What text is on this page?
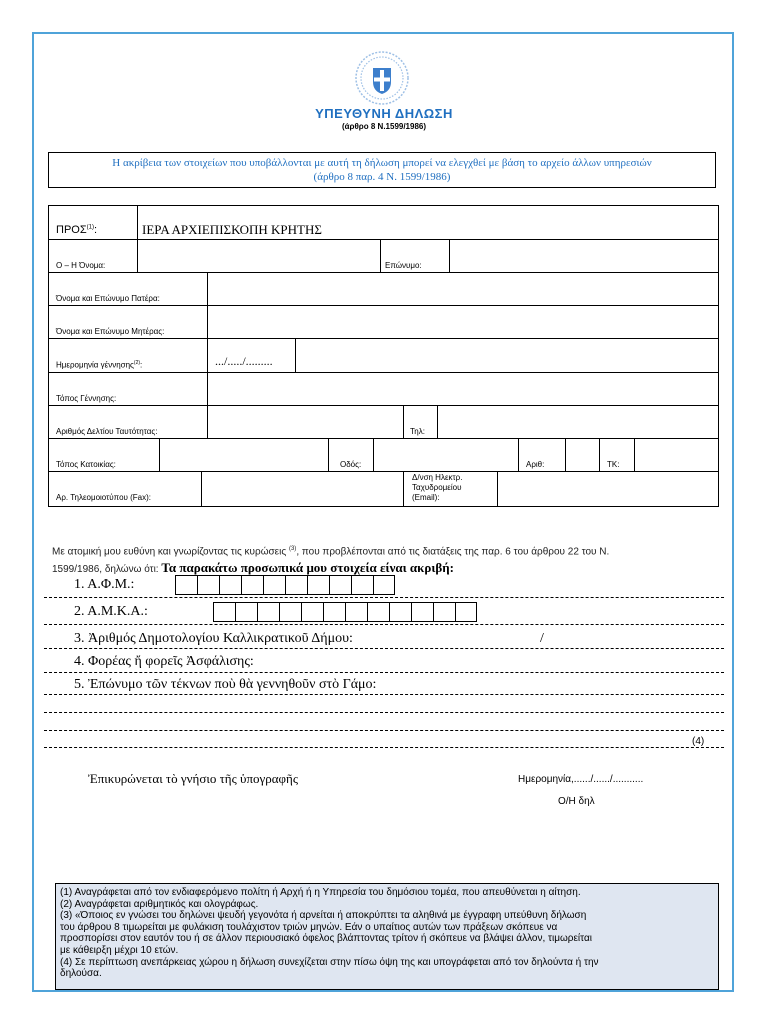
ΥΠΕΥΘΥΝΗ ΔΗΛΩΣΗ
(άρθρο 8 Ν.1599/1986)
Η ακρίβεια των στοιχείων που υποβάλλονται με αυτή τη δήλωση μπορεί να ελεγχθεί με βάση το αρχείο άλλων υπηρεσιών
(άρθρο 8 παρ. 4 Ν. 1599/1986)
ΠΡΟΣ$^{(1)}$:	ΙΕΡΑ ΑΡΧΙΕΠΙΣΚΟΠΗ ΚΡΗΤΗΣ
Ο – Η Όνομα:	Επώνυμο:
Όνομα και Επώνυμο Πατέρα:
Όνομα και Επώνυμο Μητέρας:
Ημερομηνία γέννησης$^{(2)}$:	.../...../.........
Τόπος Γέννησης:
Αριθμός Δελτίου Ταυτότητας:	Τηλ:
Τόπος Κατοικίας:	Οδός:	Αριθ:	ΤΚ:
Αρ. Τηλεομοιοτύπου (Fax):
Δ/νση Ηλεκτρ.
Ταχυδρομείου
(Email):
Με ατομική μου ευθύνη και γνωρίζοντας τις κυρώσεις $^{(3)}$, που προβλέπονται από τις διατάξεις της παρ. 6 του άρθρου 22 του Ν.
1599/1986, δηλώνω ότι: Τα παρακάτω προσωπικά μου στοιχεία είναι ακριβή:
1. Α.Φ.Μ.:
2. Α.Μ.Κ.Α.:
3. Ἀριθμός Δημοτολογίου Καλλικρατικοῦ Δήμου:	/
4. Φορέας ἤ φορεῖς Ἀσφάλισης:
5. Ἐπώνυμο τῶν τέκνων ποὺ θὰ γεννηθοῦν στὸ Γάμο:
(4)
Ἐπικυρώνεται τὸ γνήσιο τῆς ὑπογραφῆς	Ημερομηνία,....../....../...........
Ο/Η δηλ
(1) Αναγράφεται από τον ενδιαφερόμενο πολίτη ή Αρχή ή η Υπηρεσία του δημόσιου τομέα, που απευθύνεται η αίτηση.
(2) Αναγράφεται αριθμητικός και ολογράφως.
(3) «Όποιος εν γνώσει του δηλώνει ψευδή γεγονότα ή αρνείται ή αποκρύπτει τα αληθινά με έγγραφη υπεύθυνη δήλωση
του άρθρου 8 τιμωρείται με φυλάκιση τουλάχιστον τριών μηνών. Εάν ο υπαίτιος αυτών των πράξεων σκόπευε να
προσπορίσει στον εαυτόν του ή σε άλλον περιουσιακό όφελος βλάπτοντας τρίτον ή σκόπευε να βλάψει άλλον, τιμωρείται
με κάθειρξη μέχρι 10 ετών.
(4) Σε περίπτωση ανεπάρκειας χώρου η δήλωση συνεχίζεται στην πίσω όψη της και υπογράφεται από τον δηλούντα ή την
δηλούσα.
